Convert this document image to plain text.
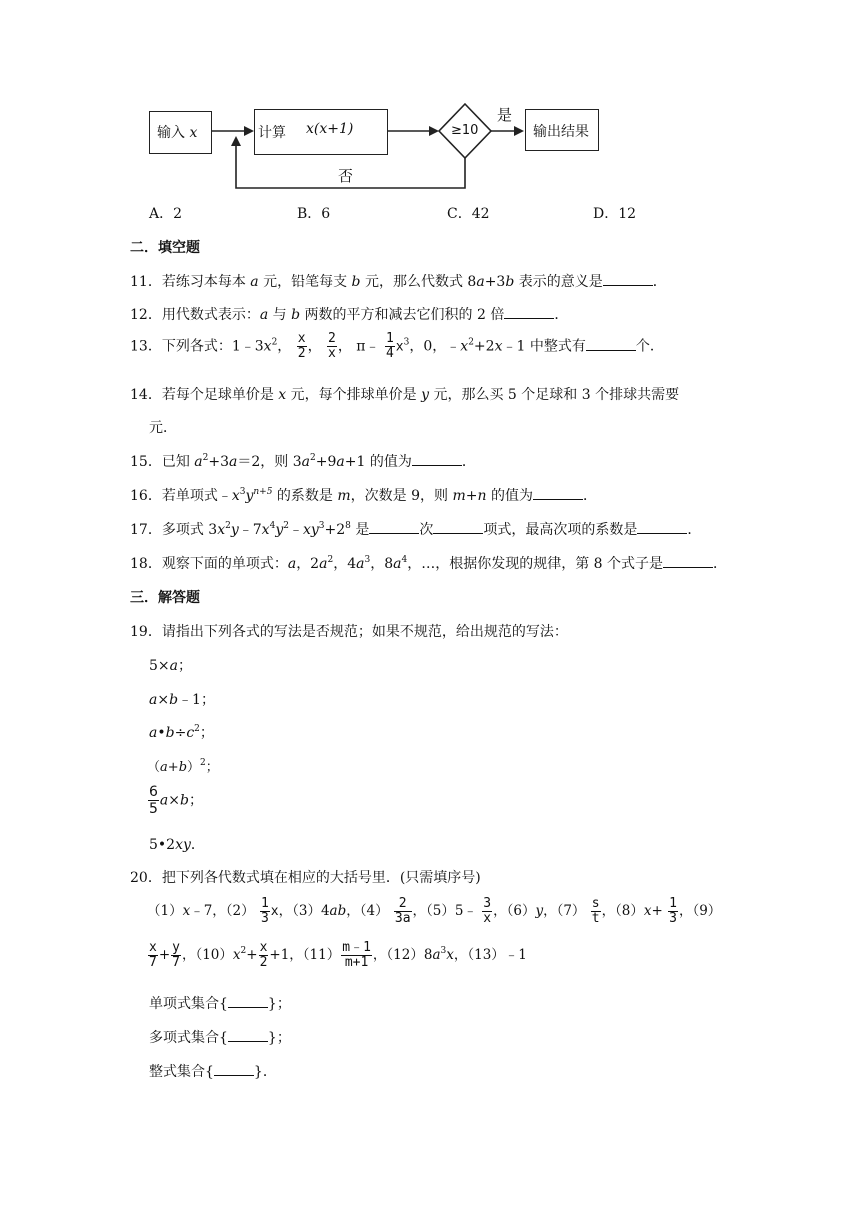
输入 x	计算 x(x+1)	≥10
是
否
输出结果
A．2	B．6	C．42	D．12
二．填空题
11．若练习本每本 a 元，铅笔每支 b 元，那么代数式 8a+3b 表示的意义是	．
12．用代数式表示：a 与 b 两数的平方和减去它们积的 2 倍	．
13．下列各式：$1﹣3x^2$， $\frac{x}{2}$ ， $\frac{2}{x}$ ， π﹣ $\frac{1}{4} x^3$，0，$﹣x^2+2x﹣1$ 中整式有	个．
14．若每个足球单价是 x 元，每个排球单价是 y 元，那么买 5 个足球和 3 个排球共需要
元．
15．已知 $a^2+3a=2$，则 $3a^2+9a+1$ 的值为	．
16．若单项式$﹣x^3y^{n+5}$ 的系数是 m，次数是 9，则 m+n 的值为	．
17．多项式 $3x^2y﹣7x^4y^2﹣xy^3+2^8$ 是	次	项式，最高次项的系数是	．
18．观察下面的单项式：a，$2a^2$，$4a^3$，$8a^4$，…，根据你发现的规律，第 8 个式子是	．
三．解答题
19．请指出下列各式的写法是否规范；如果不规范，给出规范的写法：
5×a；
a×b﹣1；
$a•b\div c^2$；
$(a+b)^2$；
$\frac{6}{5} a\times b$；
5•2xy．
20．把下列各代数式填在相应的大括号里．(只需填序号)
（1）x﹣7，$(2) \frac{1}{3}$ x，（3）4ab，$(4) \frac{2}{3a}$ ，（5）5﹣ $\frac{3}{x}$ ，（6）y，$(7) \frac{s}{t}$ ，$(8)x+ \frac{1}{3}$ ，（9）
$\frac{x}{7} + \frac{y}{7}$ ，$(10)x^2+ \frac{x}{2} +1$，$(11) \frac{m﹣1}{m+1}$ ，$(12)8a^3x$，（13）﹣1
单项式集合{	}；
多项式集合{	}；
整式集合{	}．
